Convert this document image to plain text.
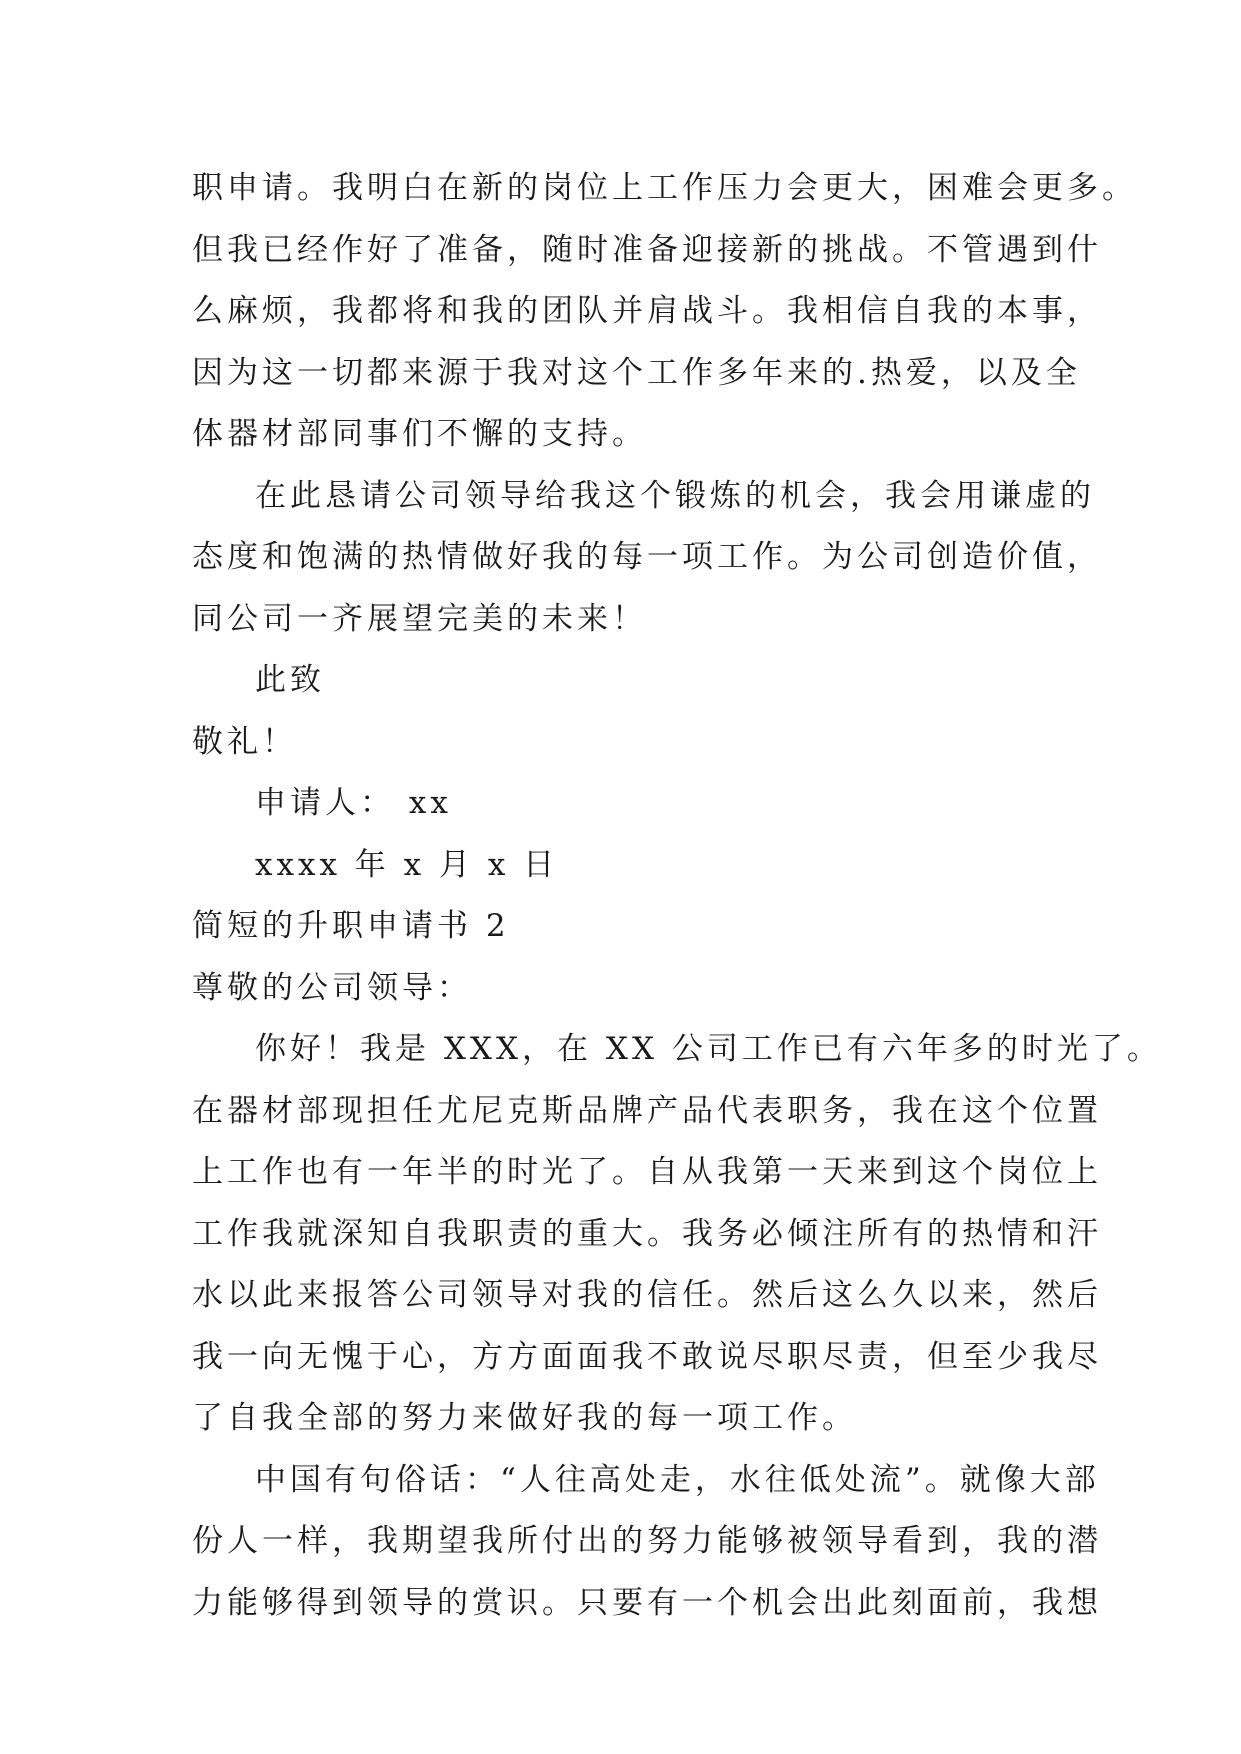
职申请。我明白在新的岗位上工作压力会更大，困难会更多。
但我已经作好了准备，随时准备迎接新的挑战。不管遇到什
么麻烦，我都将和我的团队并肩战斗。我相信自我的本事，
因为这一切都来源于我对这个工作多年来的.热爱，以及全
体器材部同事们不懈的支持。
在此恳请公司领导给我这个锻炼的机会，我会用谦虚的
态度和饱满的热情做好我的每一项工作。为公司创造价值，
同公司一齐展望完美的未来！
此致
敬礼！
申请人： xx
xxxx 年 x 月 x 日
简短的升职申请书 2
尊敬的公司领导：
你好！我是 XXX，在 XX 公司工作已有六年多的时光了。
在器材部现担任尤尼克斯品牌产品代表职务，我在这个位置
上工作也有一年半的时光了。自从我第一天来到这个岗位上
工作我就深知自我职责的重大。我务必倾注所有的热情和汗
水以此来报答公司领导对我的信任。然后这么久以来，然后
我一向无愧于心，方方面面我不敢说尽职尽责，但至少我尽
了自我全部的努力来做好我的每一项工作。
中国有句俗话：“人往高处走，水往低处流”。就像大部
份人一样，我期望我所付出的努力能够被领导看到，我的潜
力能够得到领导的赏识。只要有一个机会出此刻面前，我想
